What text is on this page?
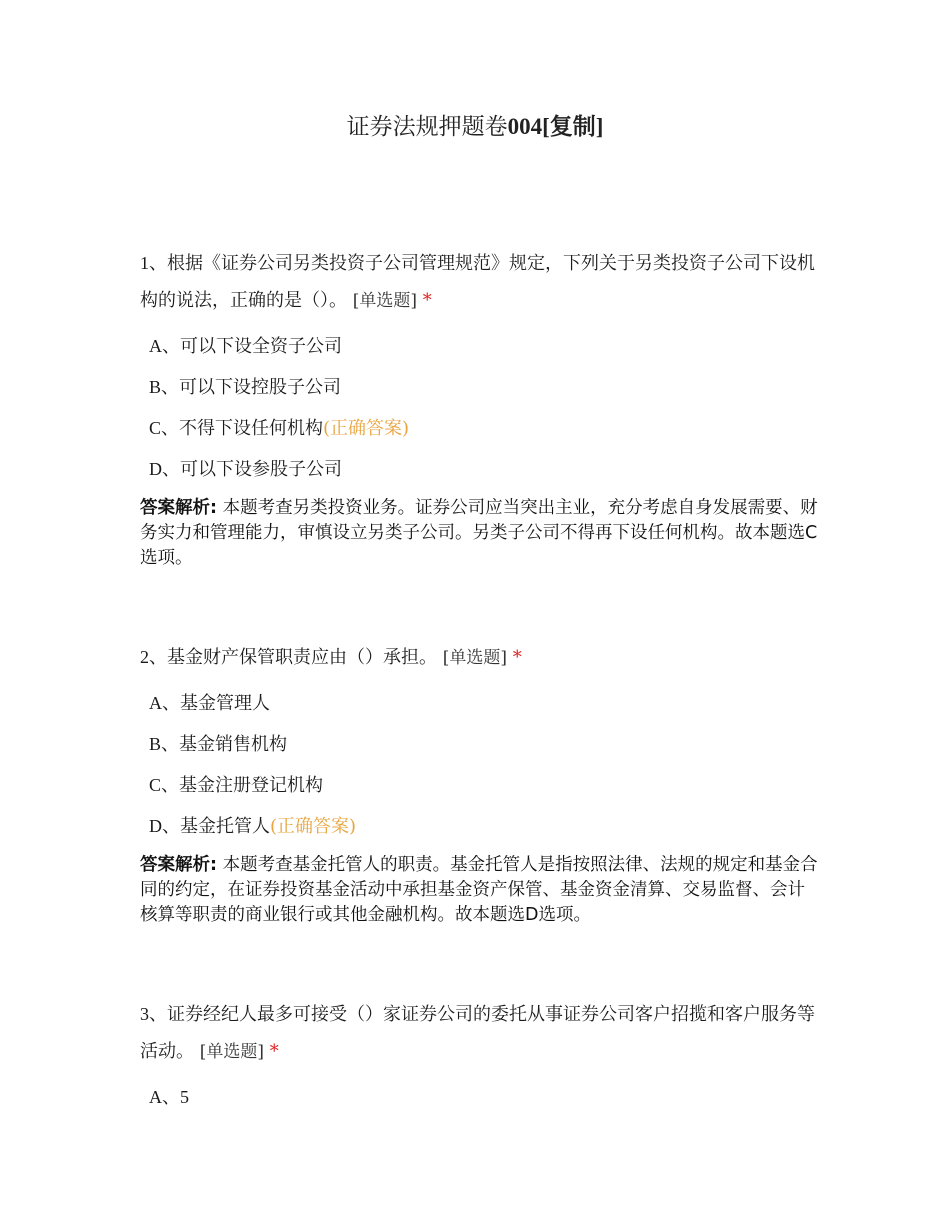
证券法规押题卷004[复制]

1、根据《证券公司另类投资子公司管理规范》规定，下列关于另类投资子公司下设机构的说法，正确的是（）。 [单选题] *

A、可以下设全资子公司
B、可以下设控股子公司
C、不得下设任何机构(正确答案)
D、可以下设参股子公司
答案解析: 本题考查另类投资业务。证券公司应当突出主业，充分考虑自身发展需要、财务实力和管理能力，审慎设立另类子公司。另类子公司不得再下设任何机构。故本题选C选项。

2、基金财产保管职责应由（）承担。 [单选题] *

A、基金管理人
B、基金销售机构
C、基金注册登记机构
D、基金托管人(正确答案)
答案解析: 本题考查基金托管人的职责。基金托管人是指按照法律、法规的规定和基金合同的约定，在证券投资基金活动中承担基金资产保管、基金资金清算、交易监督、会计核算等职责的商业银行或其他金融机构。故本题选D选项。

3、证券经纪人最多可接受（）家证券公司的委托从事证券公司客户招揽和客户服务等活动。 [单选题] *

A、5
